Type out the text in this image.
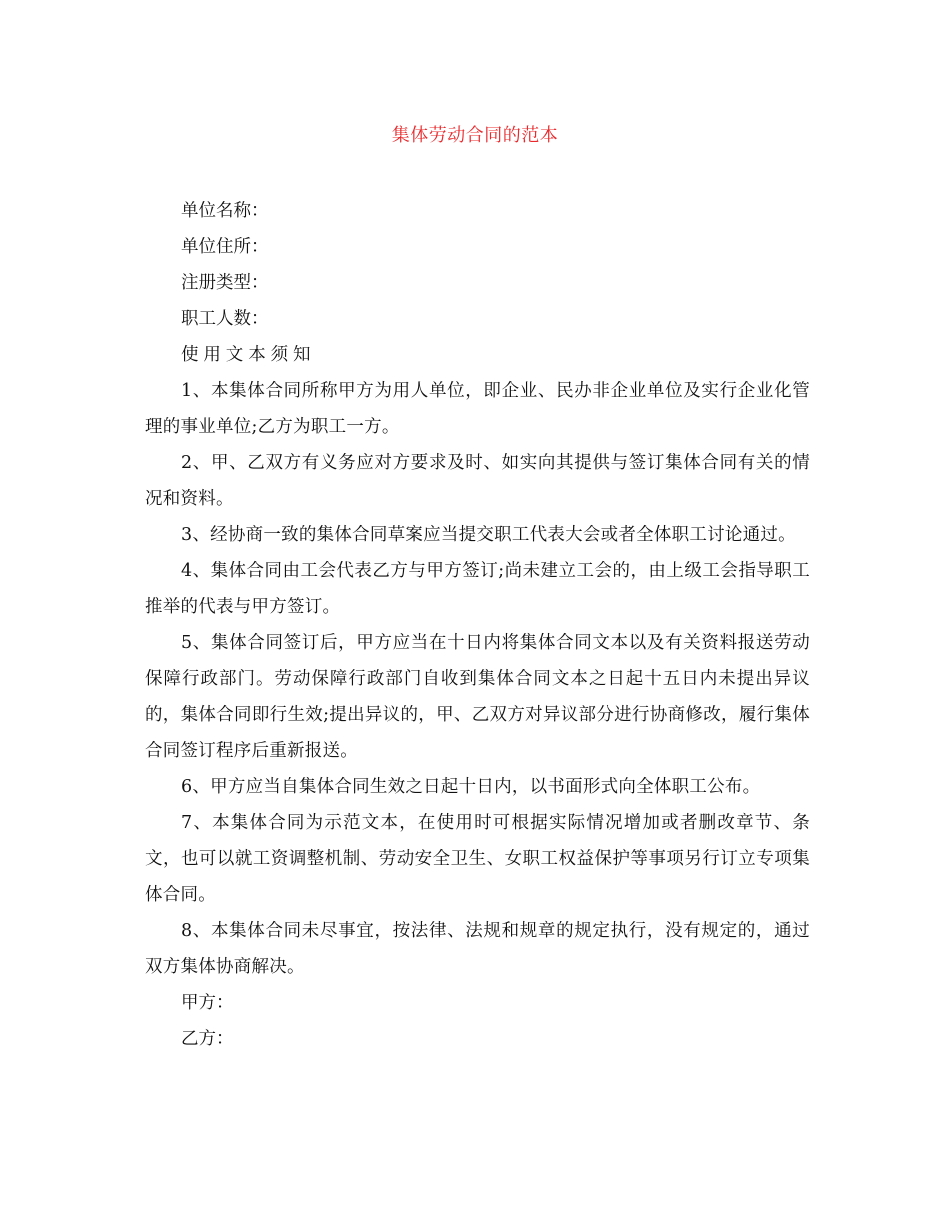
集体劳动合同的范本

单位名称：

单位住所：

注册类型：

职工人数：

使用文本须知

1、本集体合同所称甲方为用人单位，即企业、民办非企业单位及实行企业化管理的事业单位;乙方为职工一方。

2、甲、乙双方有义务应对方要求及时、如实向其提供与签订集体合同有关的情况和资料。

3、经协商一致的集体合同草案应当提交职工代表大会或者全体职工讨论通过。

4、集体合同由工会代表乙方与甲方签订;尚未建立工会的，由上级工会指导职工推举的代表与甲方签订。

5、集体合同签订后，甲方应当在十日内将集体合同文本以及有关资料报送劳动保障行政部门。劳动保障行政部门自收到集体合同文本之日起十五日内未提出异议的，集体合同即行生效;提出异议的，甲、乙双方对异议部分进行协商修改，履行集体合同签订程序后重新报送。

6、甲方应当自集体合同生效之日起十日内，以书面形式向全体职工公布。

7、本集体合同为示范文本，在使用时可根据实际情况增加或者删改章节、条文，也可以就工资调整机制、劳动安全卫生、女职工权益保护等事项另行订立专项集体合同。

8、本集体合同未尽事宜，按法律、法规和规章的规定执行，没有规定的，通过双方集体协商解决。

甲方：

乙方：
